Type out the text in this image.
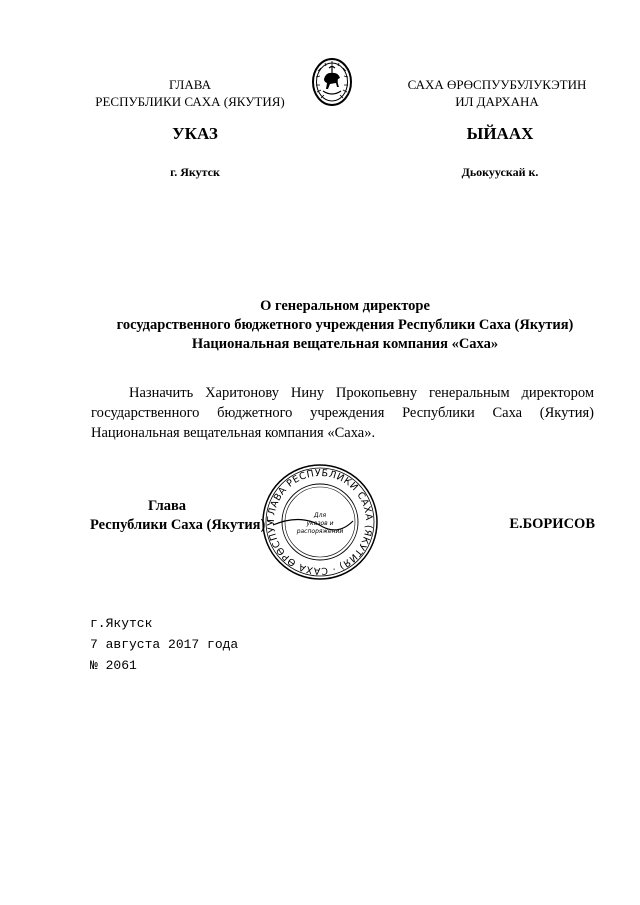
ГЛАВА
РЕСПУБЛИКИ САХА (ЯКУТИЯ)
САХА ӨРӨСПУУБУЛУКЭТИН
ИЛ ДАРХАНА
УКАЗ	ЫЙААХ
г. Якутск	Дьокуускай к.
О генеральном директоре
государственного бюджетного учреждения Республики Саха (Якутия)
Национальная вещательная компания «Саха»
Назначить Харитонову Нину Прокопьевну генеральным директором
государственного бюджетного учреждения Республики Саха (Якутия)
Национальная вещательная компания «Саха».
ГЛАВА РЕСПУБЛИКИ САХА (ЯКУТИЯ) · САХА ӨРӨСПУУ
Для
указов и
распоряжений
Глава
Республики Саха (Якутия)	Е.БОРИСОВ
г.Якутск
7 августа 2017 года
№ 2061
